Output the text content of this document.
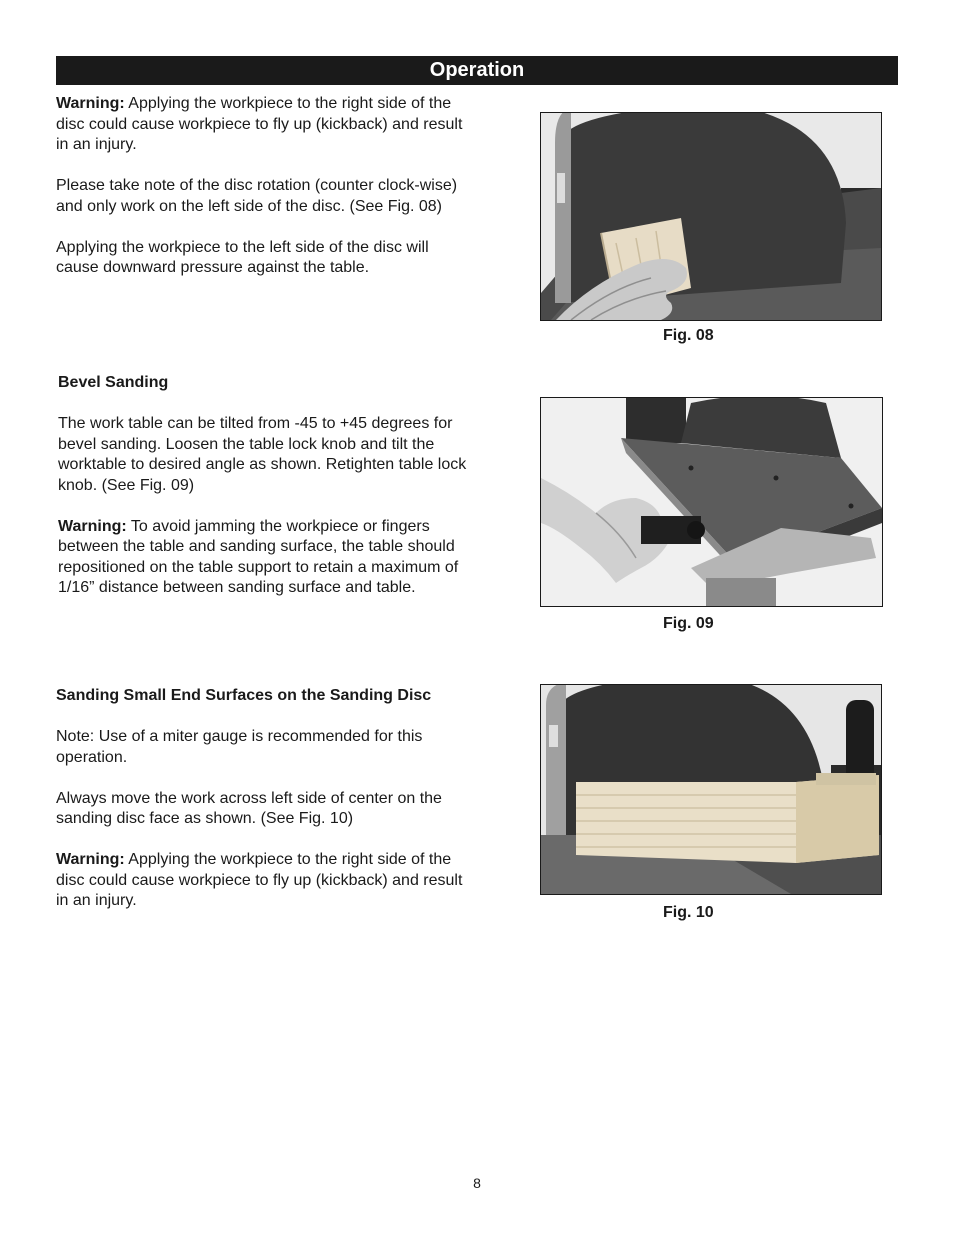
Operation

Warning: Applying the workpiece to the right side of the disc could cause workpiece to fly up (kickback) and result in an injury.

Please take note of the disc rotation (counter clock-wise) and only work on the left side of the disc. (See Fig. 08)

Applying the workpiece to the left side of the disc will cause downward pressure against the table.

Fig. 08
Bevel Sanding

The work table can be tilted from -45 to +45 degrees for bevel sanding. Loosen the table lock knob and tilt the worktable to desired angle as shown. Retighten table lock knob. (See Fig. 09)

Warning: To avoid jamming the workpiece or fingers between the table and sanding surface, the table should repositioned on the table support to retain a maximum of 1/16” distance between sanding surface and table.

Fig. 09
Sanding Small End Surfaces on the Sanding Disc

Note: Use of a miter gauge is recommended for this operation.

Always move the work across left side of center on the sanding disc face as shown. (See Fig. 10)

Warning: Applying the workpiece to the right side of the disc could cause workpiece to fly up (kickback) and result in an injury.

Fig. 10
8
